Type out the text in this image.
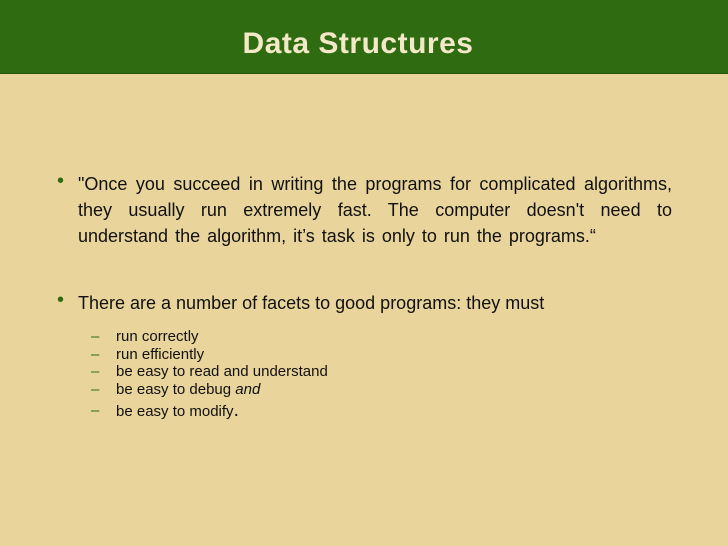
Data Structures
• "Once you succeed in writing the programs for complicated algorithms, they usually run extremely fast. The computer doesn't need to understand the algorithm, it’s task is only to run the programs.“
• There are a number of facets to good programs: they must
–	run correctly
–	run efficiently
–	be easy to read and understand
–	be easy to debug and
–	be easy to modify.
